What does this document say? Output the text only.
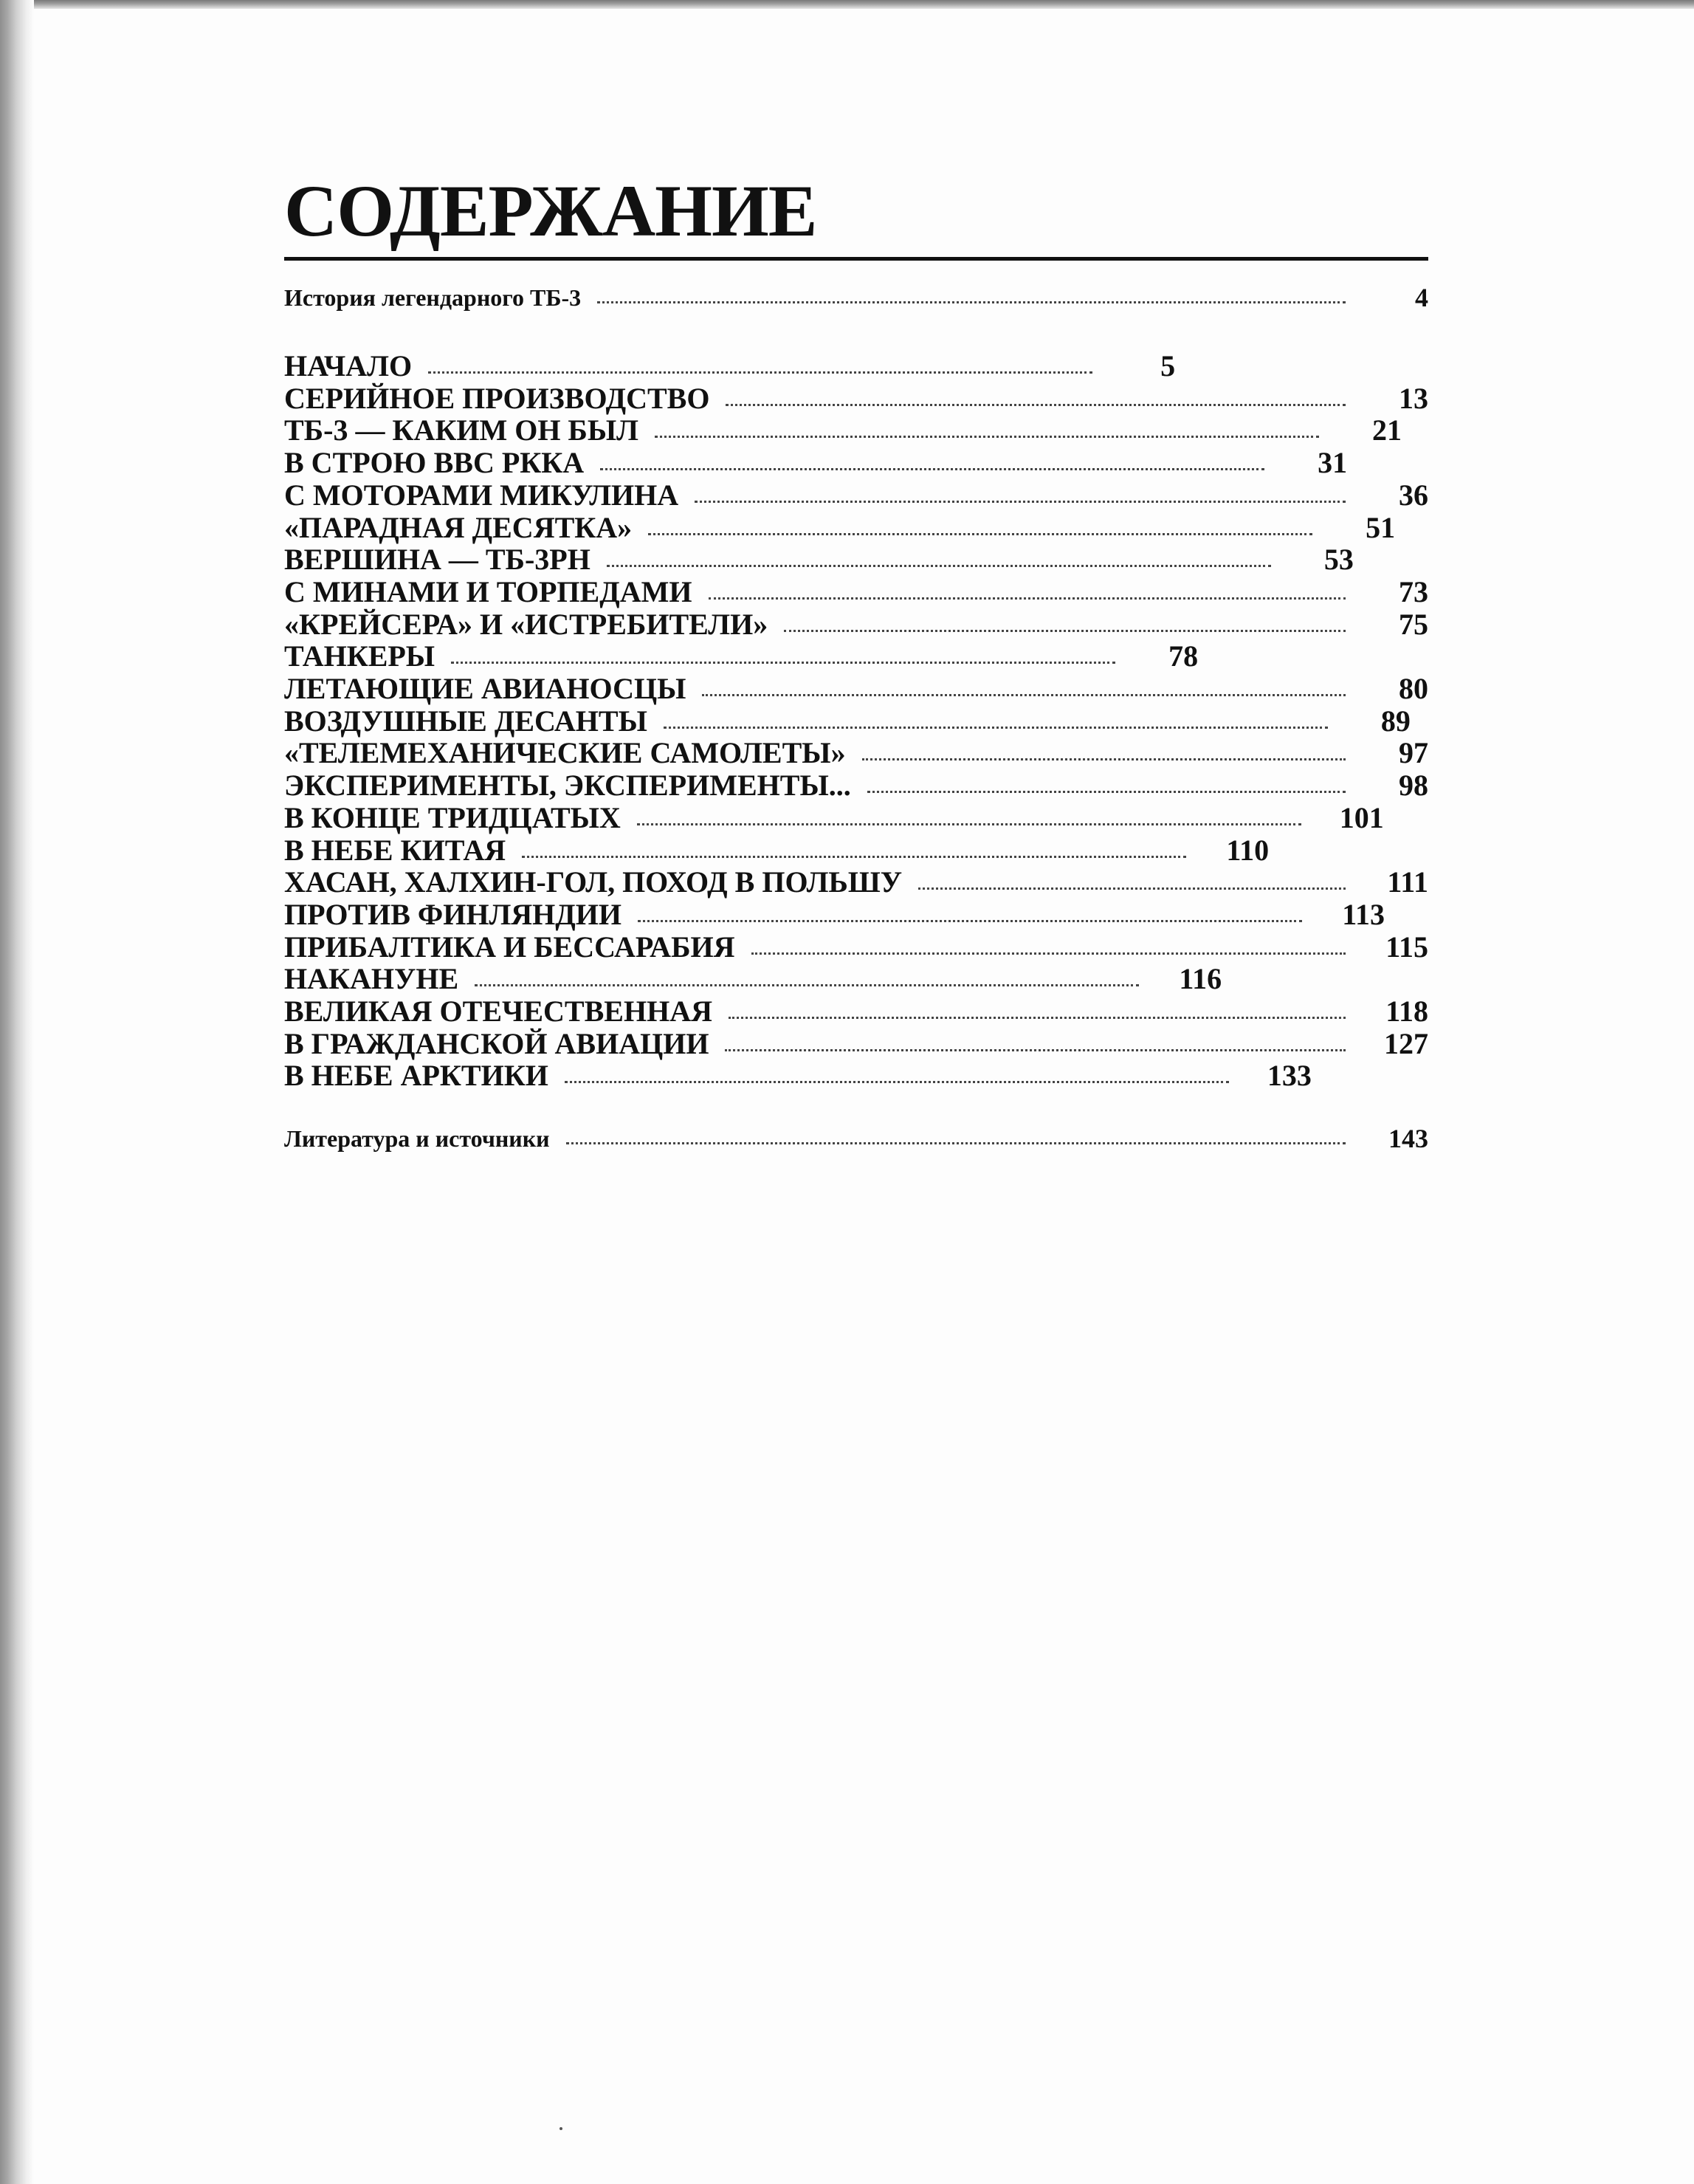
СОДЕРЖАНИЕ
История легендарного ТБ-3	4
НАЧАЛО	5
СЕРИЙНОЕ ПРОИЗВОДСТВО	13
ТБ-3 — КАКИМ ОН БЫЛ	21
В СТРОЮ ВВС РККА	31
С МОТОРАМИ МИКУЛИНА	36
«ПАРАДНАЯ ДЕСЯТКА»	51
ВЕРШИНА — ТБ-3РН	53
С МИНАМИ И ТОРПЕДАМИ	73
«КРЕЙСЕРА» И «ИСТРЕБИТЕЛИ»	75
ТАНКЕРЫ	78
ЛЕТАЮЩИЕ АВИАНОСЦЫ	80
ВОЗДУШНЫЕ ДЕСАНТЫ	89
«ТЕЛЕМЕХАНИЧЕСКИЕ САМОЛЕТЫ»	97
ЭКСПЕРИМЕНТЫ, ЭКСПЕРИМЕНТЫ...	98
В КОНЦЕ ТРИДЦАТЫХ	101
В НЕБЕ КИТАЯ	110
ХАСАН, ХАЛХИН-ГОЛ, ПОХОД В ПОЛЬШУ	111
ПРОТИВ ФИНЛЯНДИИ	113
ПРИБАЛТИКА И БЕССАРАБИЯ	115
НАКАНУНЕ	116
ВЕЛИКАЯ ОТЕЧЕСТВЕННАЯ	118
В ГРАЖДАНСКОЙ АВИАЦИИ	127
В НЕБЕ АРКТИКИ	133
Литература и источники	143
